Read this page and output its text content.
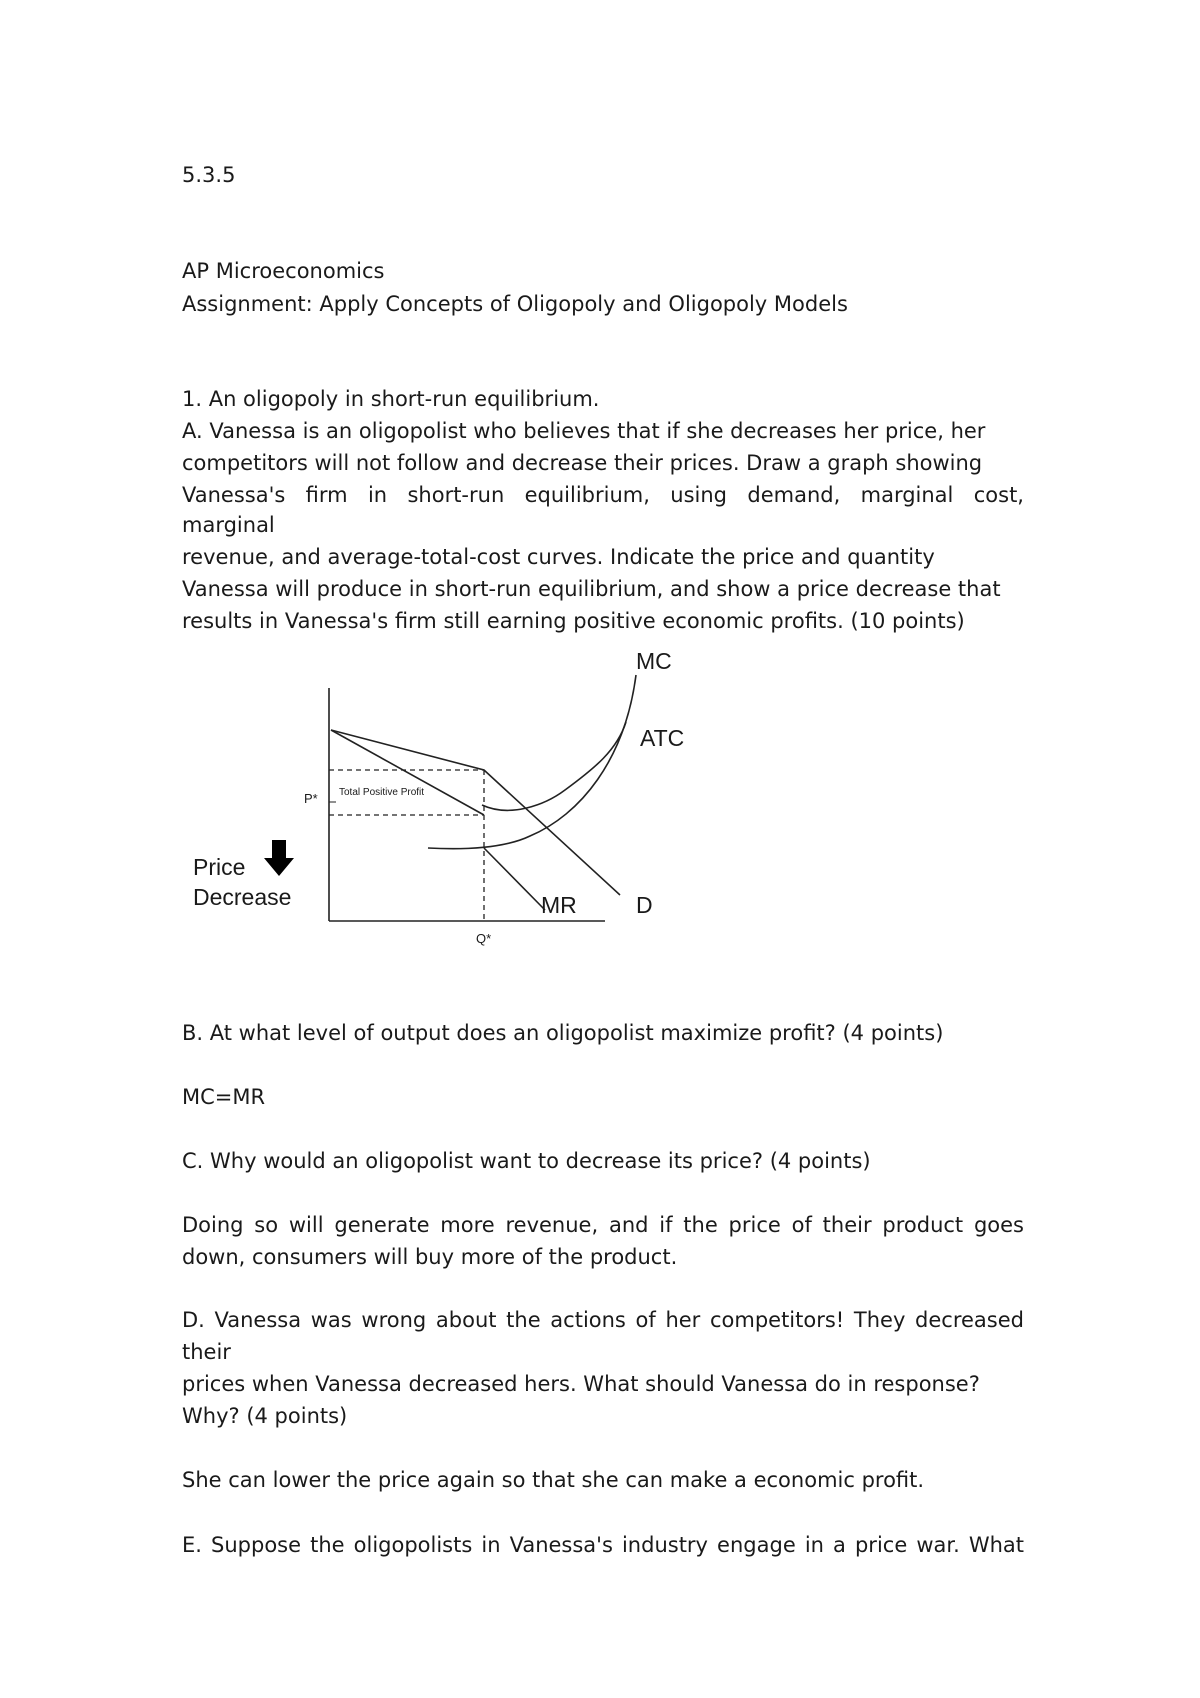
5.3.5
AP Microeconomics
Assignment: Apply Concepts of Oligopoly and Oligopoly Models
1. An oligopoly in short-run equilibrium.
A. Vanessa is an oligopolist who believes that if she decreases her price, her
competitors will not follow and decrease their prices. Draw a graph showing
Vanessa's firm in short-run equilibrium, using demand, marginal cost,
marginal
revenue, and average-total-cost curves. Indicate the price and quantity
Vanessa will produce in short-run equilibrium, and show a price decrease that
results in Vanessa's firm still earning positive economic profits. (10 points)
MC
ATC
MR	D
P*
Q*
Total Positive Profit
Price
Decrease
B. At what level of output does an oligopolist maximize profit? (4 points)
MC=MR
C. Why would an oligopolist want to decrease its price? (4 points)
Doing so will generate more revenue, and if the price of their product goes
down, consumers will buy more of the product.
D. Vanessa was wrong about the actions of her competitors! They decreased
their
prices when Vanessa decreased hers. What should Vanessa do in response?
Why? (4 points)
She can lower the price again so that she can make a economic profit.
E. Suppose the oligopolists in Vanessa's industry engage in a price war. What
